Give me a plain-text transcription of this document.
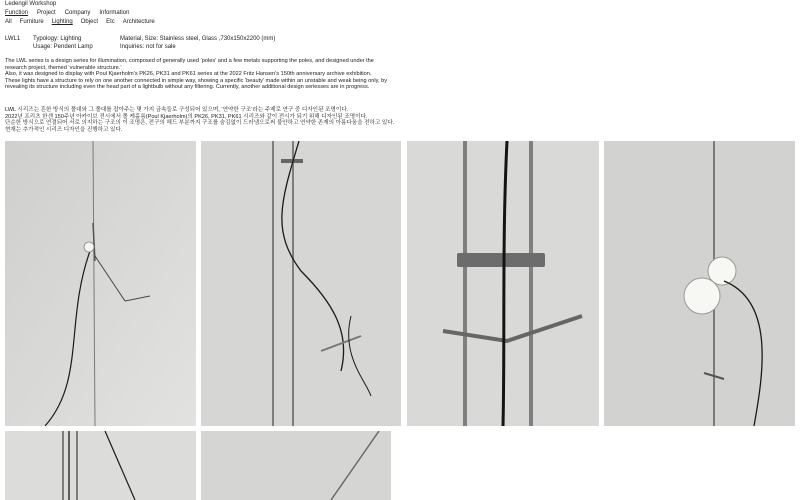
Ledengil Workshop
Function Project Company Information
All Furniture Lighting Object Etc Architecture
LWL1 Typology: Lighting
Usage: Pendent Lamp
Material, Size: Stainless steel, Glass ,730x150x2200 (mm)
Inquiries: not for sale

The LWL series is a design series for illumination, composed of generally used ‘poles’ and a few metals supporting the poles, and designed under the research project, themed ‘vulnerable structure.’

Also, it was designed to display with Poul Kjaerholm’s PK26, PK31 and PK61 series at the 2022 Fritz Hansen’s 150th anniversary archive exhibition.

These lights have a structure to rely on one another connected in simple way, showing a specific ‘beauty’ made within an unstable and weak being only, by revealing its structure including even the head part of a lightbulb without any filtering. Currently, another additional design seriesses are in progress.

LWL 시리즈는 흔한 방식의 폴대와 그 폴대를 잡아주는 몇 가지 금속들로 구성되어 있으며, ‘연약한 구조’라는 주제로 연구 중 디자인된 조명이다.

2022년 프리츠 한센 150주년 아카이브 전시에서 폴 케홀름(Poul Kjaerholm)의 PK26, PK31, PK61 시리즈와 같이 전시가 되기 위해 디자인된 조명이다.

단순한 방식으로 연결되어 서로 의지하는 구조의 이 조명은, 전구의 헤드 부분까지 구조를 숨김없이 드러냄으로써 불안하고 연약한 존재의 아름다움을 전하고 있다. 현재는 추가적인 시리즈 디자인을 진행하고 있다.
